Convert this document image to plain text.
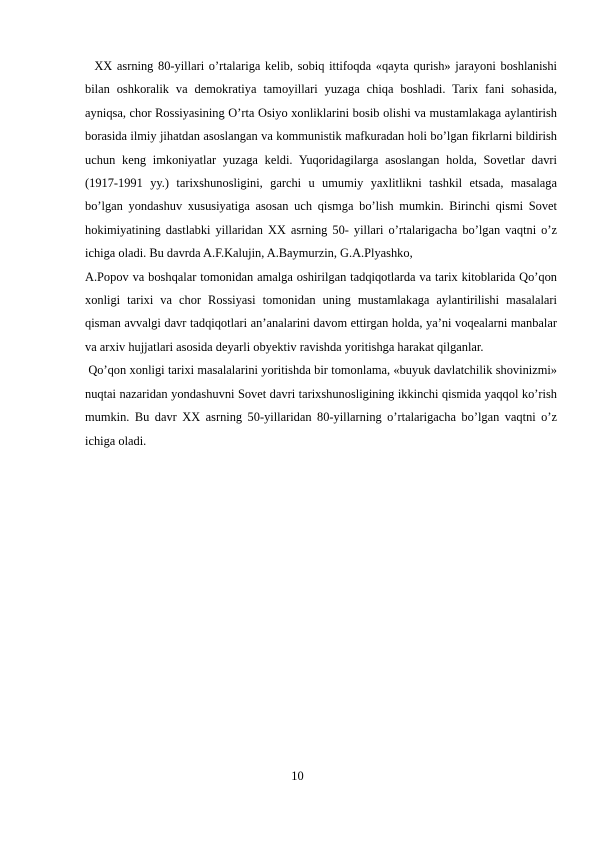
XX asrning 80-yillari o’rtalariga kelib, sobiq ittifoqda «qayta qurish» jarayoni boshlanishi bilan oshkoralik va demokratiya tamoyillari yuzaga chiqa boshladi. Tarix fani sohasida, ayniqsa, chor Rossiyasining O’rta Osiyo xonliklarini bosib olishi va mustamlakaga aylantirish borasida ilmiy jihatdan asoslangan va kommunistik mafkuradan holi bo’lgan fikrlarni bildirish uchun keng imkoniyatlar yuzaga keldi. Yuqoridagilarga asoslangan holda, Sovetlar davri (1917-1991 yy.) tarixshunosligini, garchi u umumiy yaxlitlikni tashkil etsada, masalaga bo’lgan yondashuv xususiyatiga asosan uch qismga bo’lish mumkin. Birinchi qismi Sovet hokimiyatining dastlabki yillaridan XX asrning 50- yillari o’rtalarigacha bo’lgan vaqtni o’z ichiga oladi. Bu davrda A.F.Kalujin, A.Baymurzin, G.A.Plyashko,

A.Popov va boshqalar tomonidan amalga oshirilgan tadqiqotlarda va tarix kitoblarida Qo’qon xonligi tarixi va chor Rossiyasi tomonidan uning mustamlakaga aylantirilishi masalalari qisman avvalgi davr tadqiqotlari an’analarini davom ettirgan holda, ya’ni voqealarni manbalar va arxiv hujjatlari asosida deyarli obyektiv ravishda yoritishga harakat qilganlar.

Qo’qon xonligi tarixi masalalarini yoritishda bir tomonlama, «buyuk davlatchilik shovinizmi» nuqtai nazaridan yondashuvni Sovet davri tarixshunosligining ikkinchi qismida yaqqol ko’rish mumkin. Bu davr XX asrning 50-yillaridan 80-yillarning o’rtalarigacha bo’lgan vaqtni o’z ichiga oladi.

10
